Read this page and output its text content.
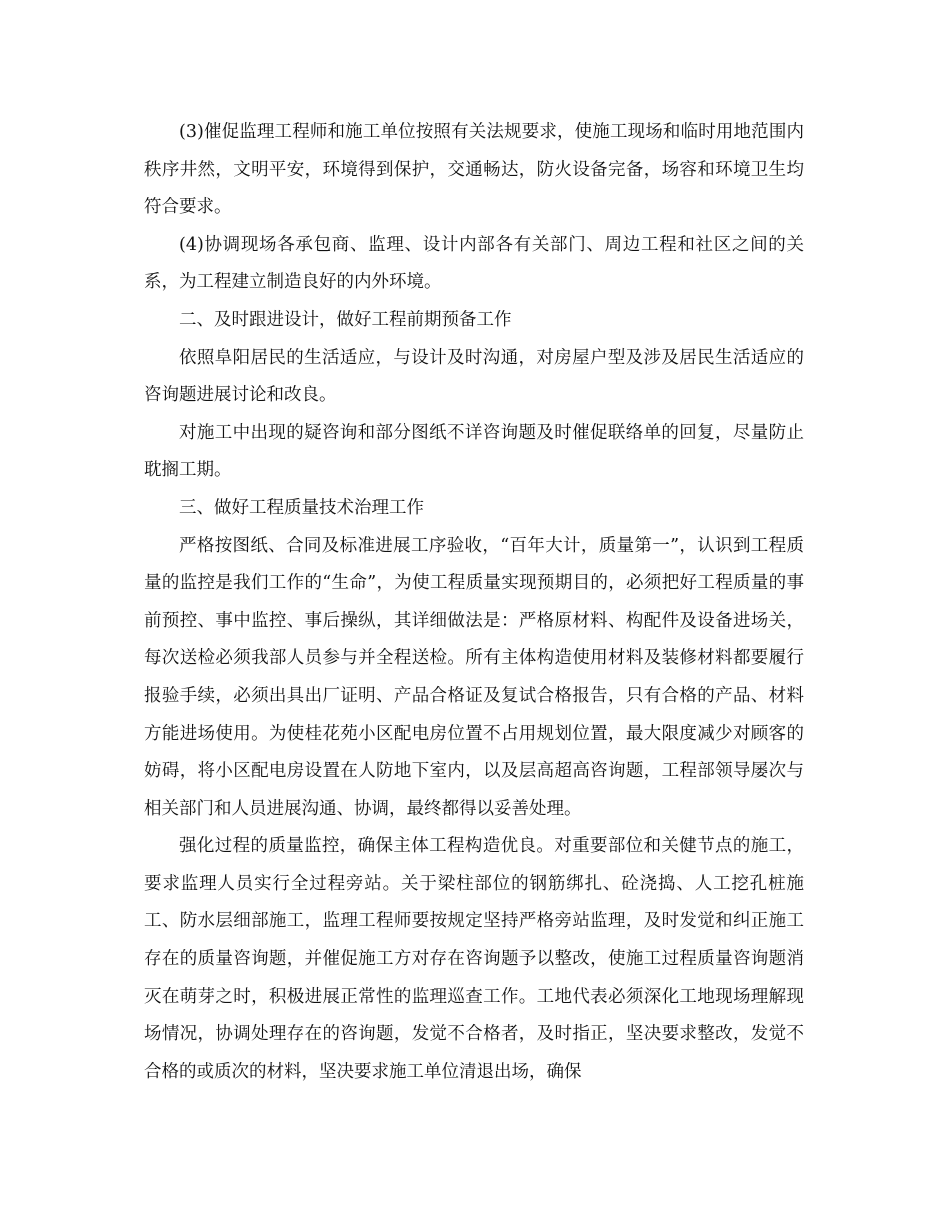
(3)催促监理工程师和施工单位按照有关法规要求，使施工现场和临时用地范围内秩序井然，文明平安，环境得到保护，交通畅达，防火设备完备，场容和环境卫生均符合要求。

(4)协调现场各承包商、监理、设计内部各有关部门、周边工程和社区之间的关系，为工程建立制造良好的内外环境。

二、及时跟进设计，做好工程前期预备工作

依照阜阳居民的生活适应，与设计及时沟通，对房屋户型及涉及居民生活适应的咨询题进展讨论和改良。

对施工中出现的疑咨询和部分图纸不详咨询题及时催促联络单的回复，尽量防止耽搁工期。

三、做好工程质量技术治理工作

严格按图纸、合同及标准进展工序验收，“百年大计，质量第一”，认识到工程质量的监控是我们工作的“生命”，为使工程质量实现预期目的，必须把好工程质量的事前预控、事中监控、事后操纵，其详细做法是：严格原材料、构配件及设备进场关，每次送检必须我部人员参与并全程送检。所有主体构造使用材料及装修材料都要履行报验手续，必须出具出厂证明、产品合格证及复试合格报告，只有合格的产品、材料方能进场使用。为使桂花苑小区配电房位置不占用规划位置，最大限度减少对顾客的妨碍，将小区配电房设置在人防地下室内，以及层高超高咨询题，工程部领导屡次与相关部门和人员进展沟通、协调，最终都得以妥善处理。

强化过程的质量监控，确保主体工程构造优良。对重要部位和关健节点的施工，要求监理人员实行全过程旁站。关于梁柱部位的钢筋绑扎、砼浇捣、人工挖孔桩施工、防水层细部施工，监理工程师要按规定坚持严格旁站监理，及时发觉和纠正施工存在的质量咨询题，并催促施工方对存在咨询题予以整改，使施工过程质量咨询题消灭在萌芽之时，积极进展正常性的监理巡查工作。工地代表必须深化工地现场理解现场情况，协调处理存在的咨询题，发觉不合格者，及时指正，坚决要求整改，发觉不合格的或质次的材料，坚决要求施工单位清退出场，确保
